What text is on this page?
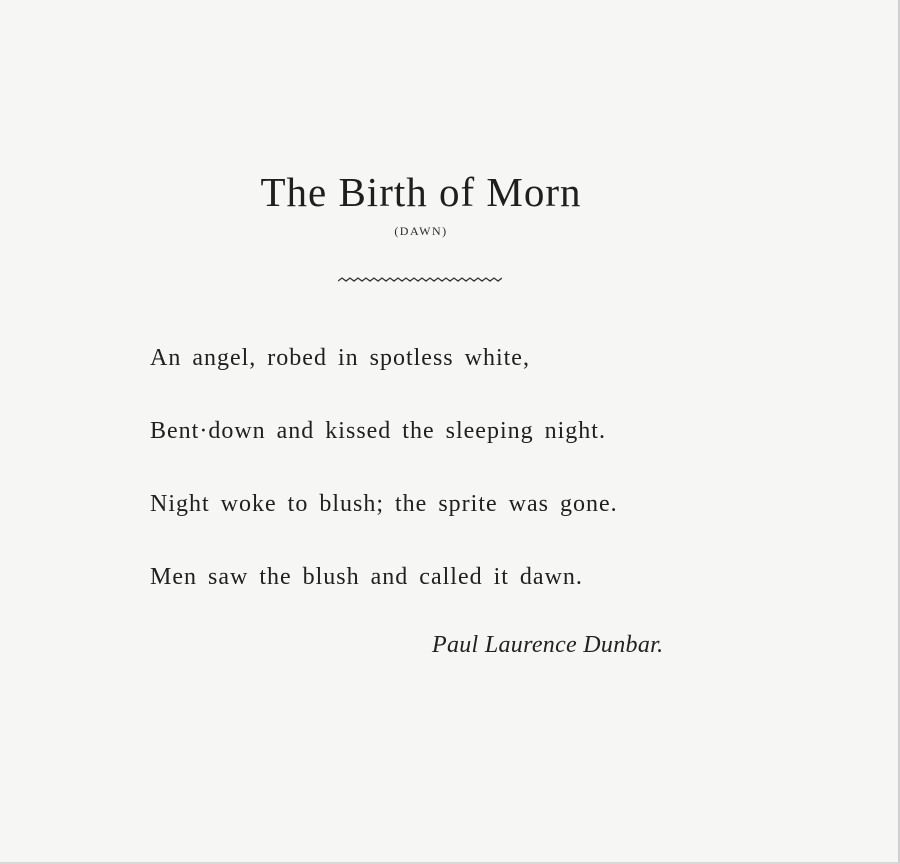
The Birth of Morn
(DAWN)
An angel, robed in spotless white,
Bent·down and kissed the sleeping night.
Night woke to blush; the sprite was gone.
Men saw the blush and called it dawn.
Paul Laurence Dunbar.
